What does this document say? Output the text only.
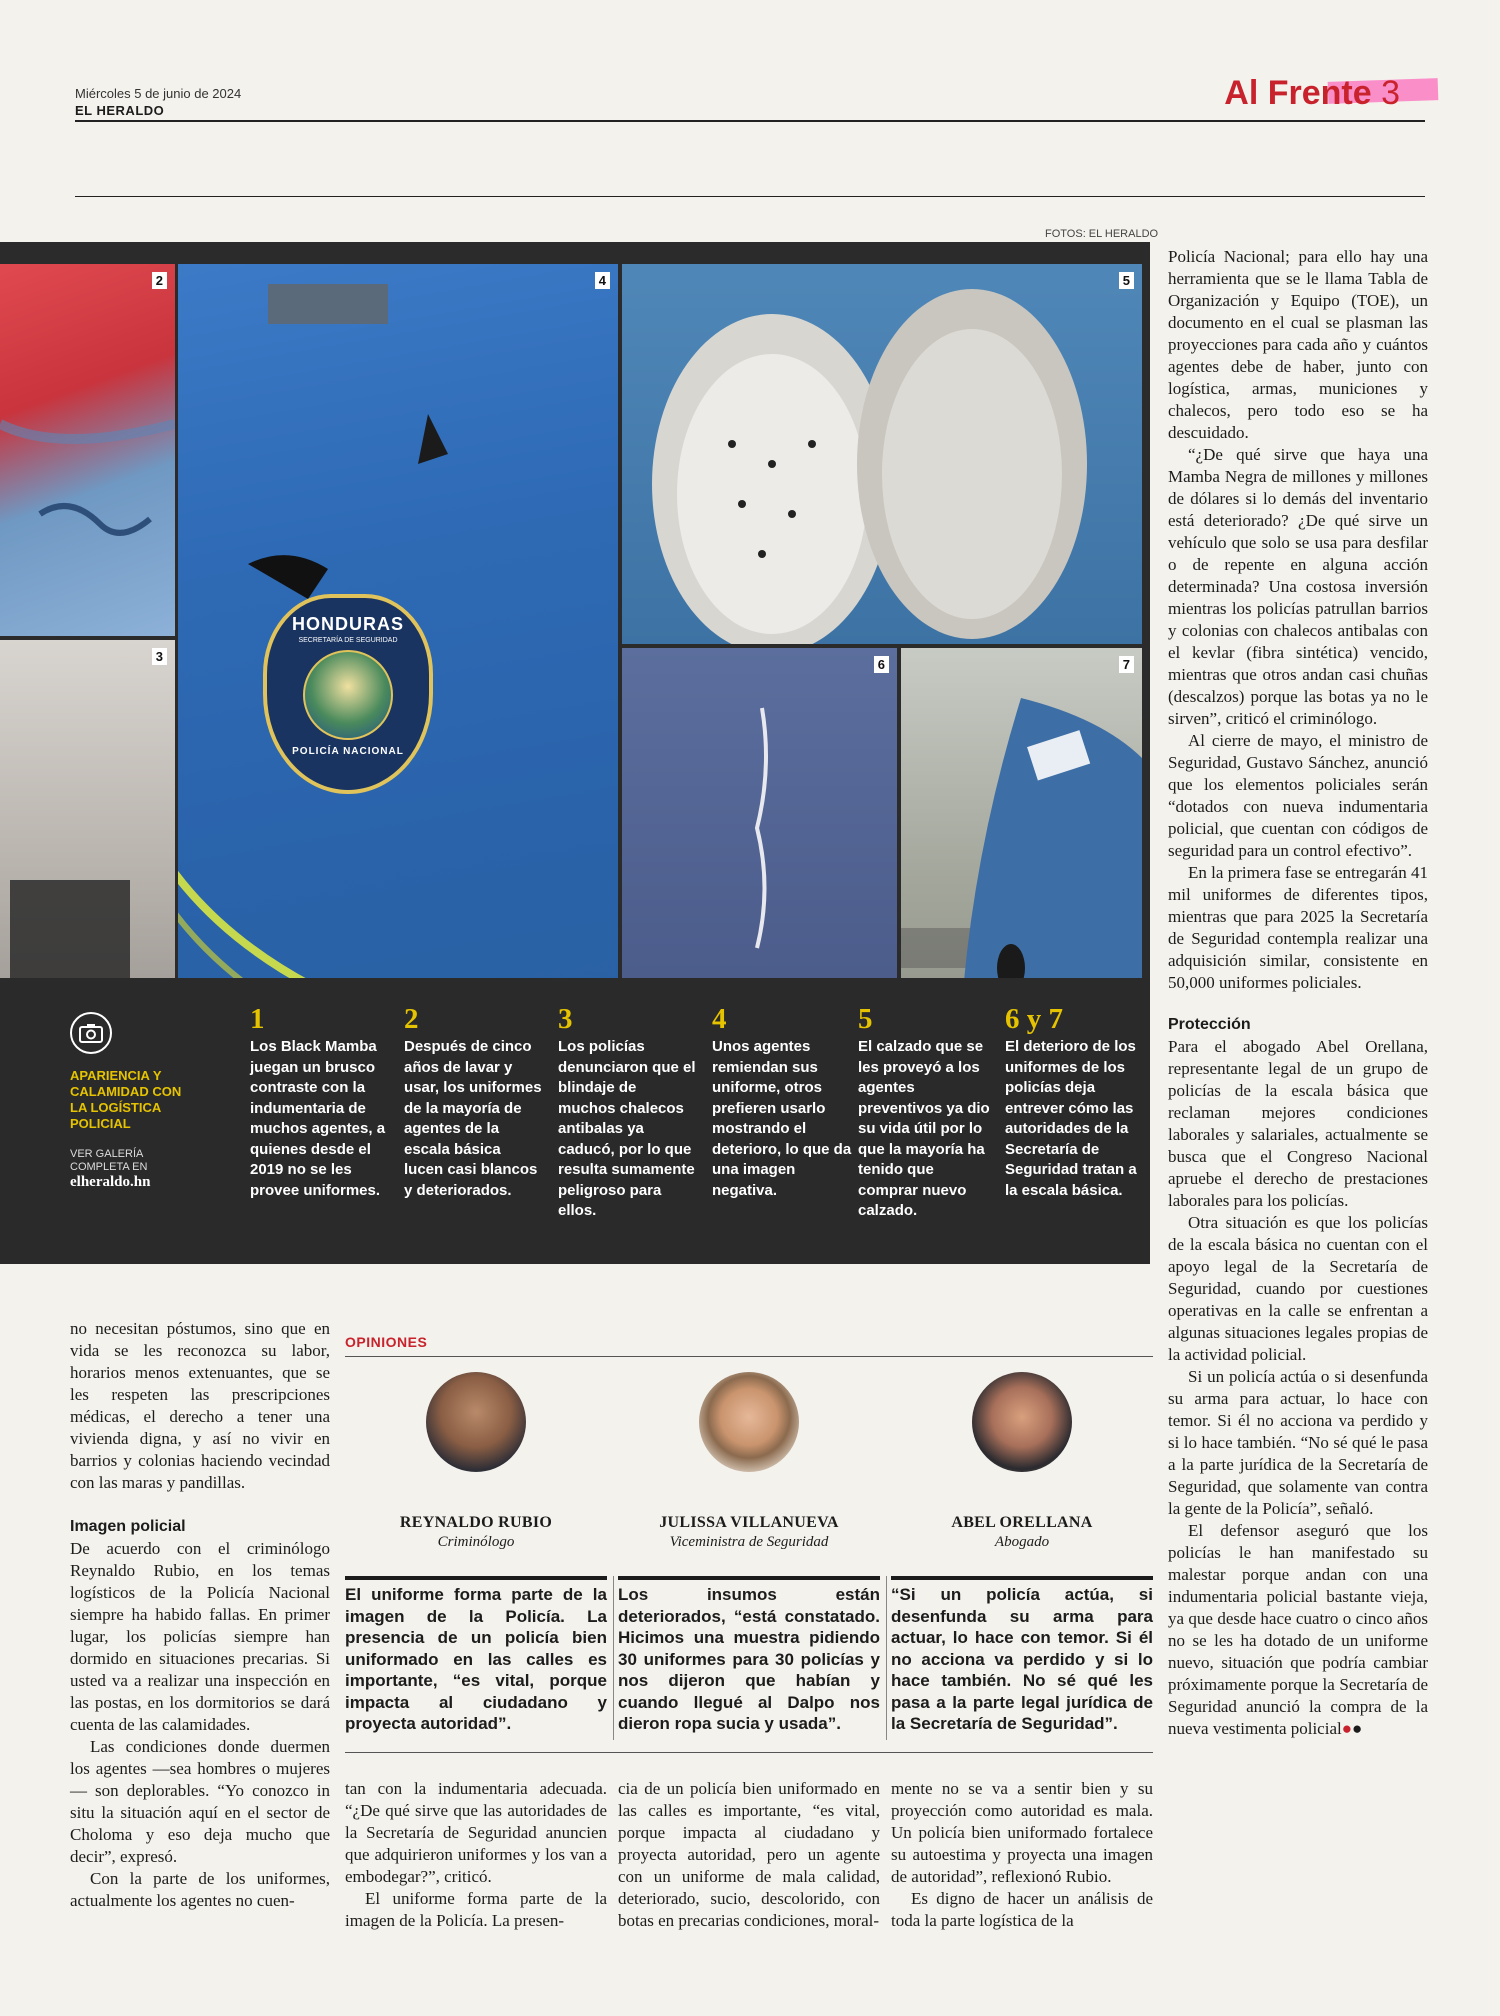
Miércoles 5 de junio de 2024
EL HERALDO	Al Frente 3
FOTOS: EL HERALDO
2
3
HONDURAS
SECRETARÍA DE SEGURIDAD
POLICÍA NACIONAL
4	5
6	7
APARIENCIA Y CALAMIDAD CON LA LOGÍSTICA POLICIAL
VER GALERÍA COMPLETA EN
elheraldo.hn
1
Los Black Mamba juegan un brusco contraste con la indumentaria de muchos agentes, a quienes desde el 2019 no se les provee uniformes.
2
Después de cinco años de lavar y usar, los uniformes de la mayoría de agentes de la escala básica lucen casi blancos y deteriorados.
3
Los policías denunciaron que el blindaje de muchos chalecos antibalas ya caducó, por lo que resulta sumamente peligroso para ellos.
4
Unos agentes remiendan sus uniforme, otros prefieren usarlo mostrando el deterioro, lo que da una imagen negativa.
5
El calzado que se les proveyó a los agentes preventivos ya dio su vida útil por lo que la mayoría ha tenido que comprar nuevo calzado.
6 y 7
El deterioro de los uniformes de los policías deja entrever cómo las autoridades de la Secretaría de Seguridad tratan a la escala básica.

Policía Nacional; para ello hay una herramienta que se le llama Tabla de Organización y Equipo (TOE), un documento en el cual se plasman las proyecciones para cada año y cuántos agentes debe de haber, junto con logística, armas, municiones y chalecos, pero todo eso se ha descuidado.

“¿De qué sirve que haya una Mamba Negra de millones y millones de dólares si lo demás del inventario está deteriorado? ¿De qué sirve un vehículo que solo se usa para desfilar o de repente en alguna acción determinada? Una costosa inversión mientras los policías patrullan barrios y colonias con chalecos antibalas con el kevlar (fibra sintética) vencido, mientras que otros andan casi chuñas (descalzos) porque las botas ya no le sirven”, criticó el criminólogo.

Al cierre de mayo, el ministro de Seguridad, Gustavo Sánchez, anunció que los elementos policiales serán “dotados con nueva indumentaria policial, que cuentan con códigos de seguridad para un control efectivo”.

En la primera fase se entregarán 41 mil uniformes de diferentes tipos, mientras que para 2025 la Secretaría de Seguridad contempla realizar una adquisición similar, consistente en 50,000 uniformes policiales.

Protección

Para el abogado Abel Orellana, representante legal de un grupo de policías de la escala básica que reclaman mejores condiciones laborales y salariales, actualmente se busca que el Congreso Nacional apruebe el derecho de prestaciones laborales para los policías.

Otra situación es que los policías de la escala básica no cuentan con el apoyo legal de la Secretaría de Seguridad, cuando por cuestiones operativas en la calle se enfrentan a algunas situaciones legales propias de la actividad policial.

Si un policía actúa o si desenfunda su arma para actuar, lo hace con temor. Si él no acciona va perdido y si lo hace también. “No sé qué le pasa a la parte jurídica de la Secretaría de Seguridad, que solamente van contra la gente de la Policía”, señaló.

El defensor aseguró que los policías le han manifestado su malestar porque andan con una indumentaria policial bastante vieja, ya que desde hace cuatro o cinco años no se les ha dotado de un uniforme nuevo, situación que podría cambiar próximamente porque la Secretaría de Seguridad anunció la compra de la nueva vestimenta policial●●

no necesitan póstumos, sino que en vida se les reconozca su labor, horarios menos extenuantes, que se les respeten las prescripciones médicas, el derecho a tener una vivienda digna, y así no vivir en barrios y colonias haciendo vecindad con las maras y pandillas.

Imagen policial

De acuerdo con el criminólogo Reynaldo Rubio, en los temas logísticos de la Policía Nacional siempre ha habido fallas. En primer lugar, los policías siempre han dormido en situaciones precarias. Si usted va a realizar una inspección en las postas, en los dormitorios se dará cuenta de las calamidades.

Las condiciones donde duermen los agentes —sea hombres o mujeres— son deplorables. “Yo conozco in situ la situación aquí en el sector de Choloma y eso deja mucho que decir”, expresó.

Con la parte de los uniformes, actualmente los agentes no cuen-

OPINIONES
REYNALDO RUBIO
Criminólogo
JULISSA VILLANUEVA
Viceministra de Seguridad
ABEL ORELLANA
Abogado
El uniforme forma parte de la imagen de la Policía. La presencia de un policía bien uniformado en las calles es importante, “es vital, porque impacta al ciudadano y proyecta autoridad”.
Los insumos están deteriorados, “está constatado. Hicimos una muestra pidiendo 30 uniformes para 30 policías y nos dijeron que habían y cuando llegué al Dalpo nos dieron ropa sucia y usada”.
“Si un policía actúa, si desenfunda su arma para actuar, lo hace con temor. Si él no acciona va perdido y si lo hace también. No sé qué les pasa a la parte legal jurídica de la Secretaría de Seguridad”.

tan con la indumentaria adecuada. “¿De qué sirve que las autoridades de la Secretaría de Seguridad anuncien que adquirieron uniformes y los van a embodegar?”, criticó.

El uniforme forma parte de la imagen de la Policía. La presen-

cia de un policía bien uniformado en las calles es importante, “es vital, porque impacta al ciudadano y proyecta autoridad, pero un agente con un uniforme de mala calidad, deteriorado, sucio, descolorido, con botas en precarias condiciones, moral-

mente no se va a sentir bien y su proyección como autoridad es mala. Un policía bien uniformado fortalece su autoestima y proyecta una imagen de autoridad”, reflexionó Rubio.

Es digno de hacer un análisis de toda la parte logística de la
